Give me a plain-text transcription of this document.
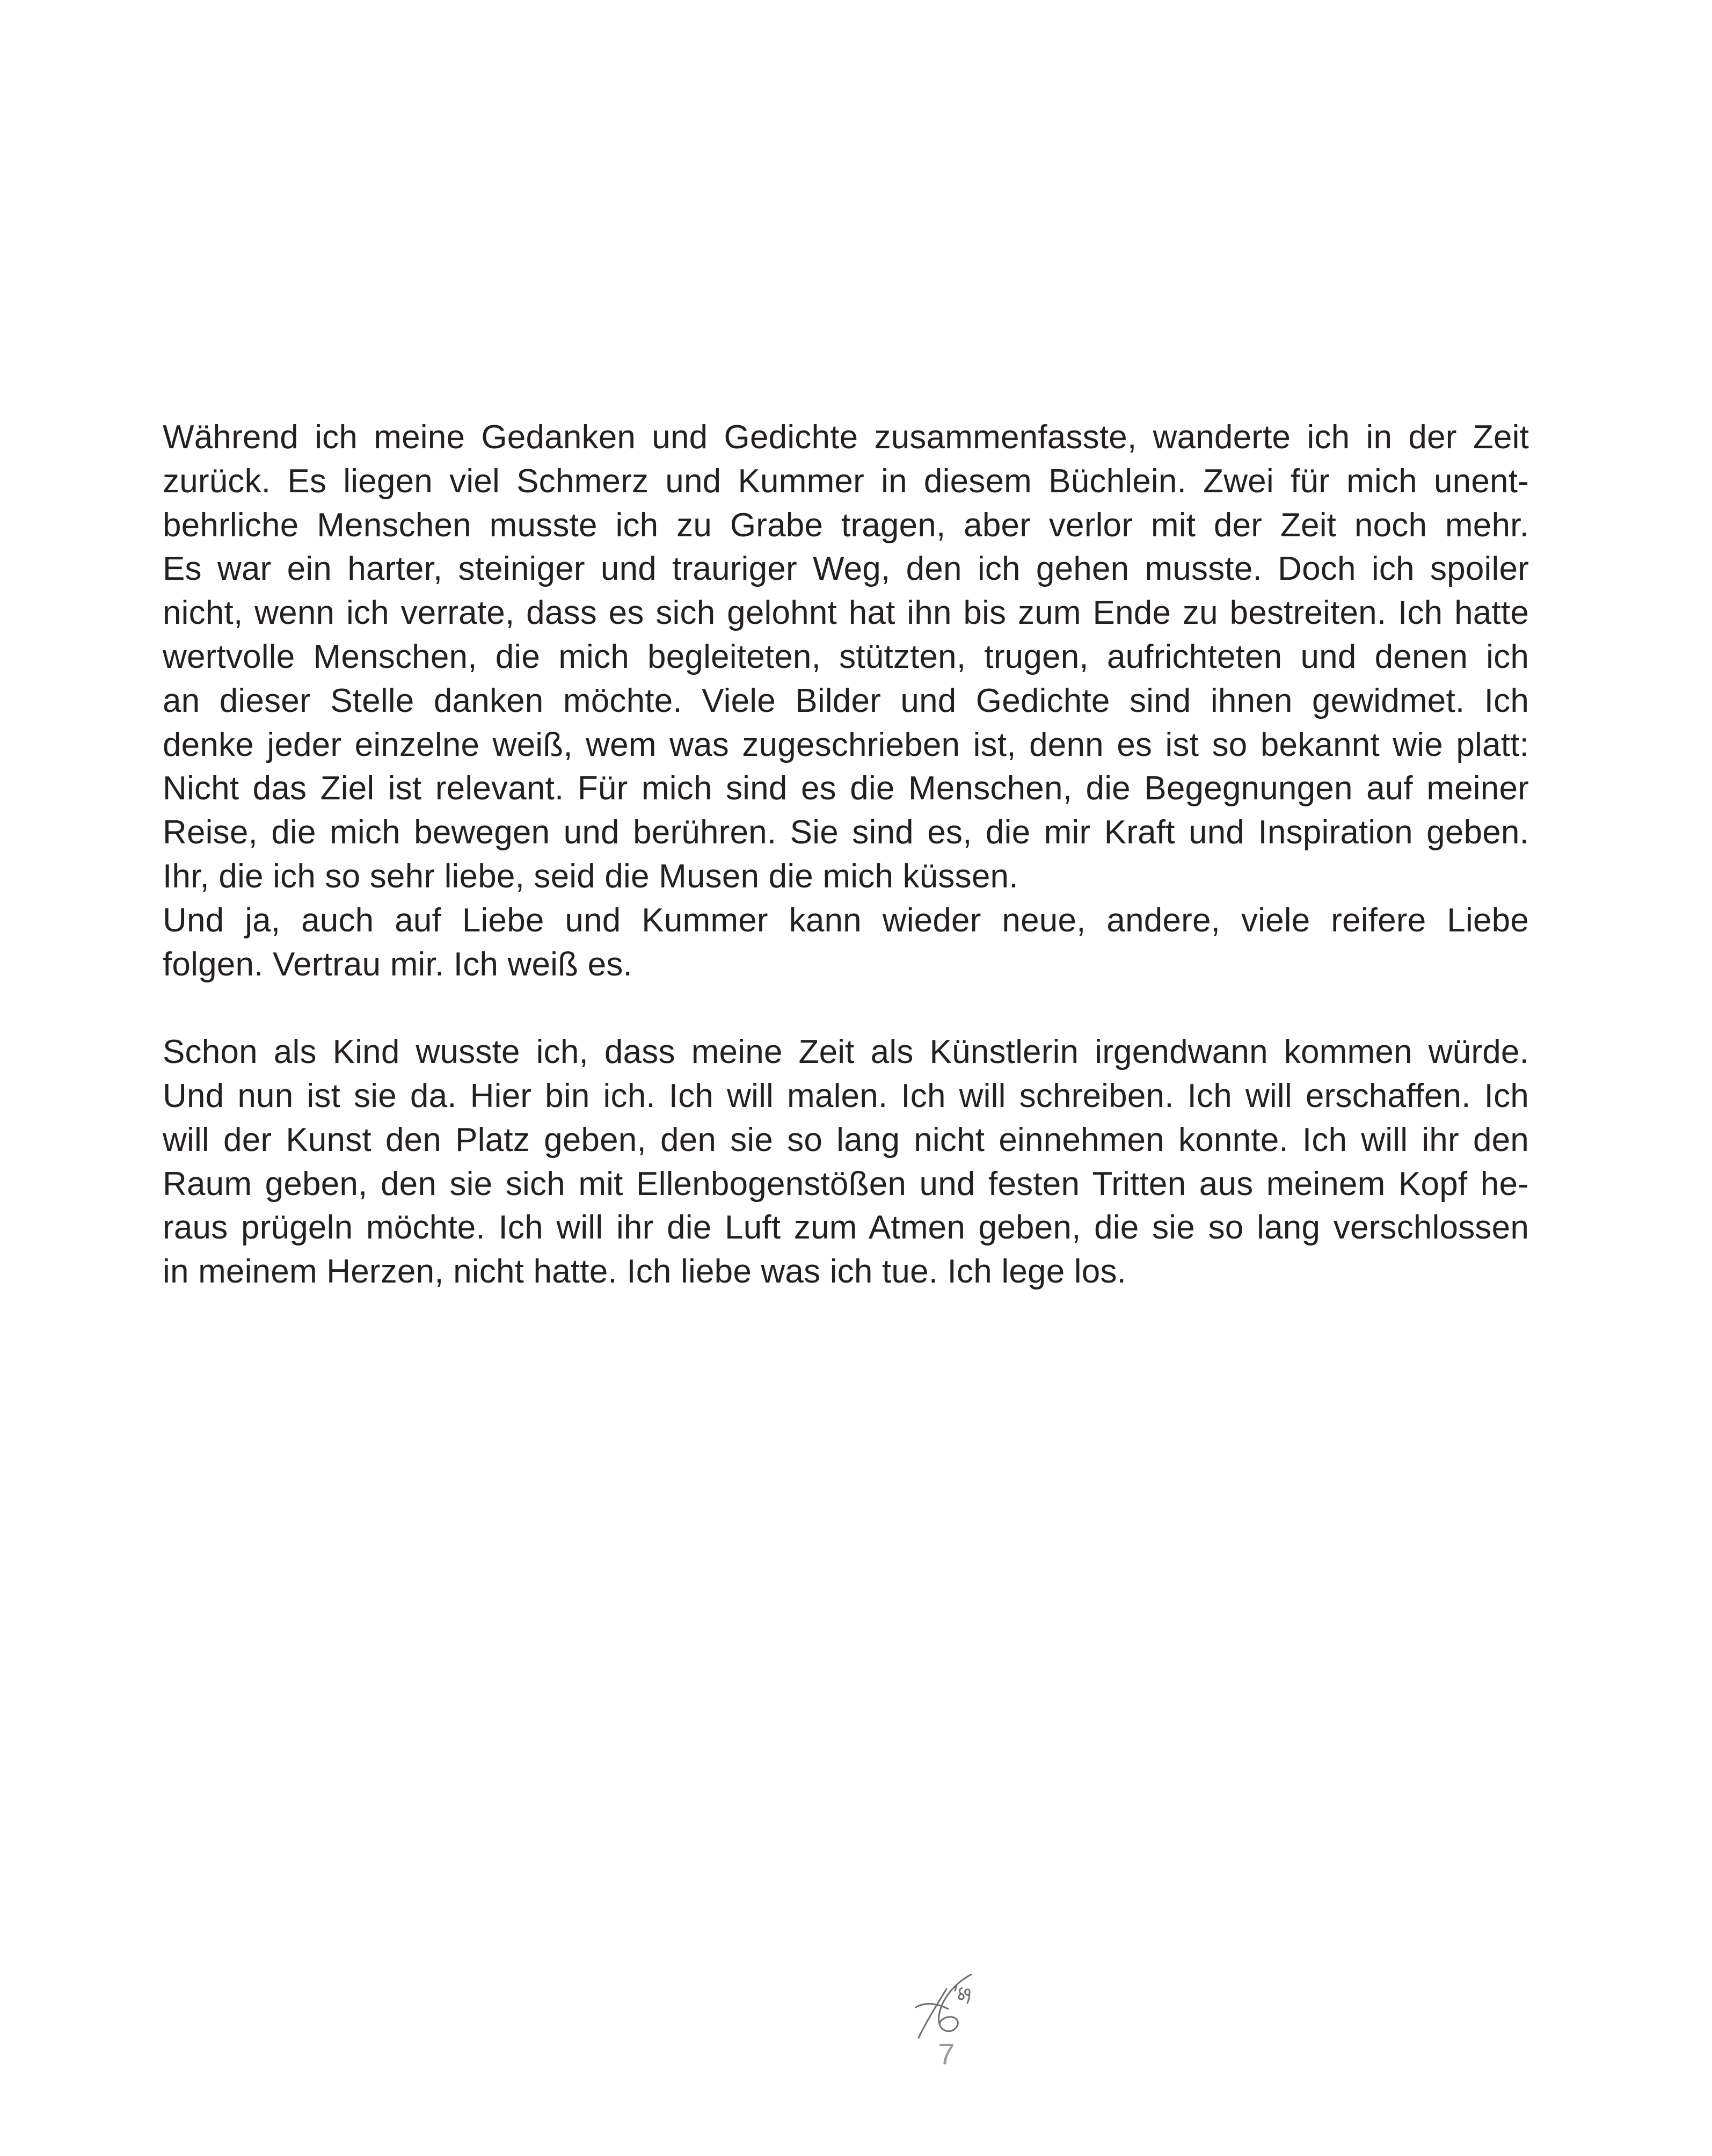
Während ich meine Gedanken und Gedichte zusammenfasste, wanderte ich in der Zeit
zurück. Es liegen viel Schmerz und Kummer in diesem Büchlein. Zwei für mich unent-
behrliche Menschen musste ich zu Grabe tragen, aber verlor mit der Zeit noch mehr.
Es war ein harter, steiniger und trauriger Weg, den ich gehen musste. Doch ich spoiler
nicht, wenn ich verrate, dass es sich gelohnt hat ihn bis zum Ende zu bestreiten. Ich hatte
wertvolle Menschen, die mich begleiteten, stützten, trugen, aufrichteten und denen ich
an dieser Stelle danken möchte. Viele Bilder und Gedichte sind ihnen gewidmet. Ich
denke jeder einzelne weiß, wem was zugeschrieben ist, denn es ist so bekannt wie platt:
Nicht das Ziel ist relevant. Für mich sind es die Menschen, die Begegnungen auf meiner
Reise, die mich bewegen und berühren. Sie sind es, die mir Kraft und Inspiration geben.
Ihr, die ich so sehr liebe, seid die Musen die mich küssen.
Und ja, auch auf Liebe und Kummer kann wieder neue, andere, viele reifere Liebe
folgen. Vertrau mir. Ich weiß es.
Schon als Kind wusste ich, dass meine Zeit als Künstlerin irgendwann kommen würde.
Und nun ist sie da. Hier bin ich. Ich will malen. Ich will schreiben. Ich will erschaffen. Ich
will der Kunst den Platz geben, den sie so lang nicht einnehmen konnte. Ich will ihr den
Raum geben, den sie sich mit Ellenbogenstößen und festen Tritten aus meinem Kopf he-
raus prügeln möchte. Ich will ihr die Luft zum Atmen geben, die sie so lang verschlossen
in meinem Herzen, nicht hatte. Ich liebe was ich tue. Ich lege los.
7
